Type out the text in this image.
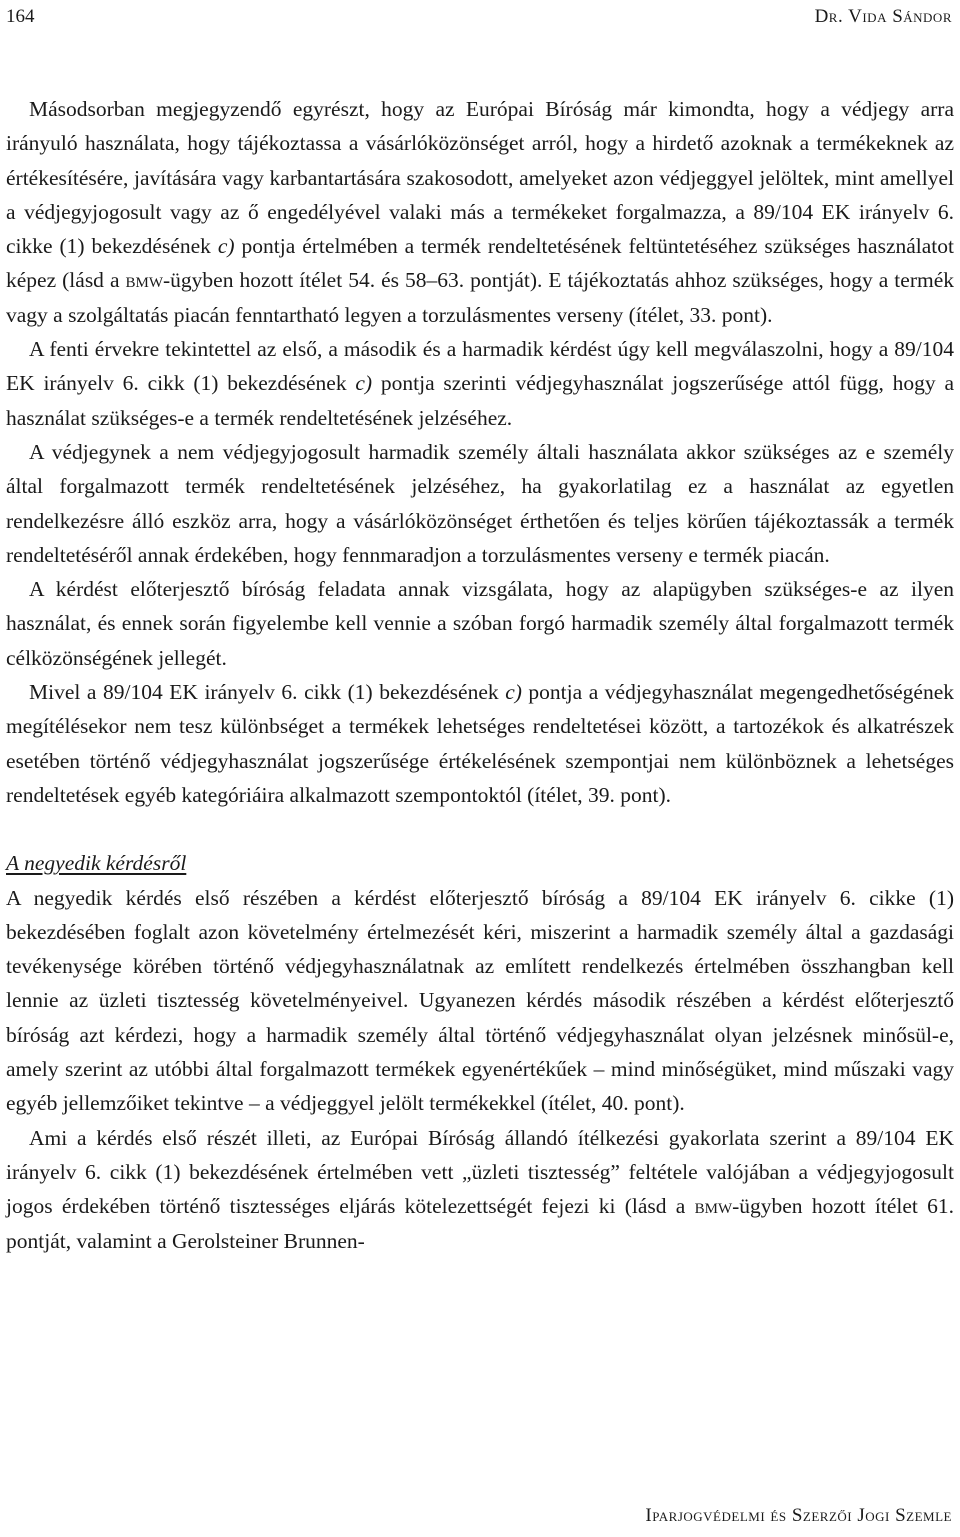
164	Dr. Vida Sándor

Másodsorban megjegyzendő egyrészt, hogy az Európai Bíróság már kimondta, hogy a védjegy arra irányuló használata, hogy tájékoztassa a vásárlóközönséget arról, hogy a hirdető azoknak a termékeknek az értékesítésére, javítására vagy karbantartására szakosodott, amelyeket azon védjeggyel jelöltek, mint amellyel a védjegyjogosult vagy az ő engedélyével valaki más a termékeket forgalmazza, a 89/104 EK irányelv 6. cikke (1) bekezdésének c) pontja értelmében a termék rendeltetésének feltüntetéséhez szükséges használatot képez (lásd a bmw-ügyben hozott ítélet 54. és 58–63. pontját). E tájékoztatás ahhoz szükséges, hogy a termék vagy a szolgáltatás piacán fenntartható legyen a torzulásmentes verseny (ítélet, 33. pont).

A fenti érvekre tekintettel az első, a második és a harmadik kérdést úgy kell megválaszolni, hogy a 89/104 EK irányelv 6. cikk (1) bekezdésének c) pontja szerinti védjegyhasználat jogszerűsége attól függ, hogy a használat szükséges-e a termék rendeltetésének jelzéséhez.

A védjegynek a nem védjegyjogosult harmadik személy általi használata akkor szükséges az e személy által forgalmazott termék rendeltetésének jelzéséhez, ha gyakorlatilag ez a használat az egyetlen rendelkezésre álló eszköz arra, hogy a vásárlóközönséget érthetően és teljes körűen tájékoztassák a termék rendeltetéséről annak érdekében, hogy fennmaradjon a torzulásmentes verseny e termék piacán.

A kérdést előterjesztő bíróság feladata annak vizsgálata, hogy az alapügyben szükséges-e az ilyen használat, és ennek során figyelembe kell vennie a szóban forgó harmadik személy által forgalmazott termék célközönségének jellegét.

Mivel a 89/104 EK irányelv 6. cikk (1) bekezdésének c) pontja a védjegyhasználat megengedhetőségének megítélésekor nem tesz különbséget a termékek lehetséges rendeltetései között, a tartozékok és alkatrészek esetében történő védjegyhasználat jogszerűsége értékelésének szempontjai nem különböznek a lehetséges rendeltetések egyéb kategóriáira alkalmazott szempontoktól (ítélet, 39. pont).

A negyedik kérdésről

A negyedik kérdés első részében a kérdést előterjesztő bíróság a 89/104 EK irányelv 6. cikke (1) bekezdésében foglalt azon követelmény értelmezését kéri, miszerint a harmadik személy által a gazdasági tevékenysége körében történő védjegyhasználatnak az említett rendelkezés értelmében összhangban kell lennie az üzleti tisztesség követelményeivel. Ugyanezen kérdés második részében a kérdést előterjesztő bíróság azt kérdezi, hogy a harmadik személy által történő védjegyhasználat olyan jelzésnek minősül-e, amely szerint az utóbbi által forgalmazott termékek egyenértékűek – mind minőségüket, mind műszaki vagy egyéb jellemzőiket tekintve – a védjeggyel jelölt termékekkel (ítélet, 40. pont).

Ami a kérdés első részét illeti, az Európai Bíróság állandó ítélkezési gyakorlata szerint a 89/104 EK irányelv 6. cikk (1) bekezdésének értelmében vett „üzleti tisztesség” feltétele valójában a védjegyjogosult jogos érdekében történő tisztességes eljárás kötelezettségét fejezi ki (lásd a bmw-ügyben hozott ítélet 61. pontját, valamint a Gerolsteiner Brunnen-

Iparjogvédelmi és Szerzői Jogi Szemle
